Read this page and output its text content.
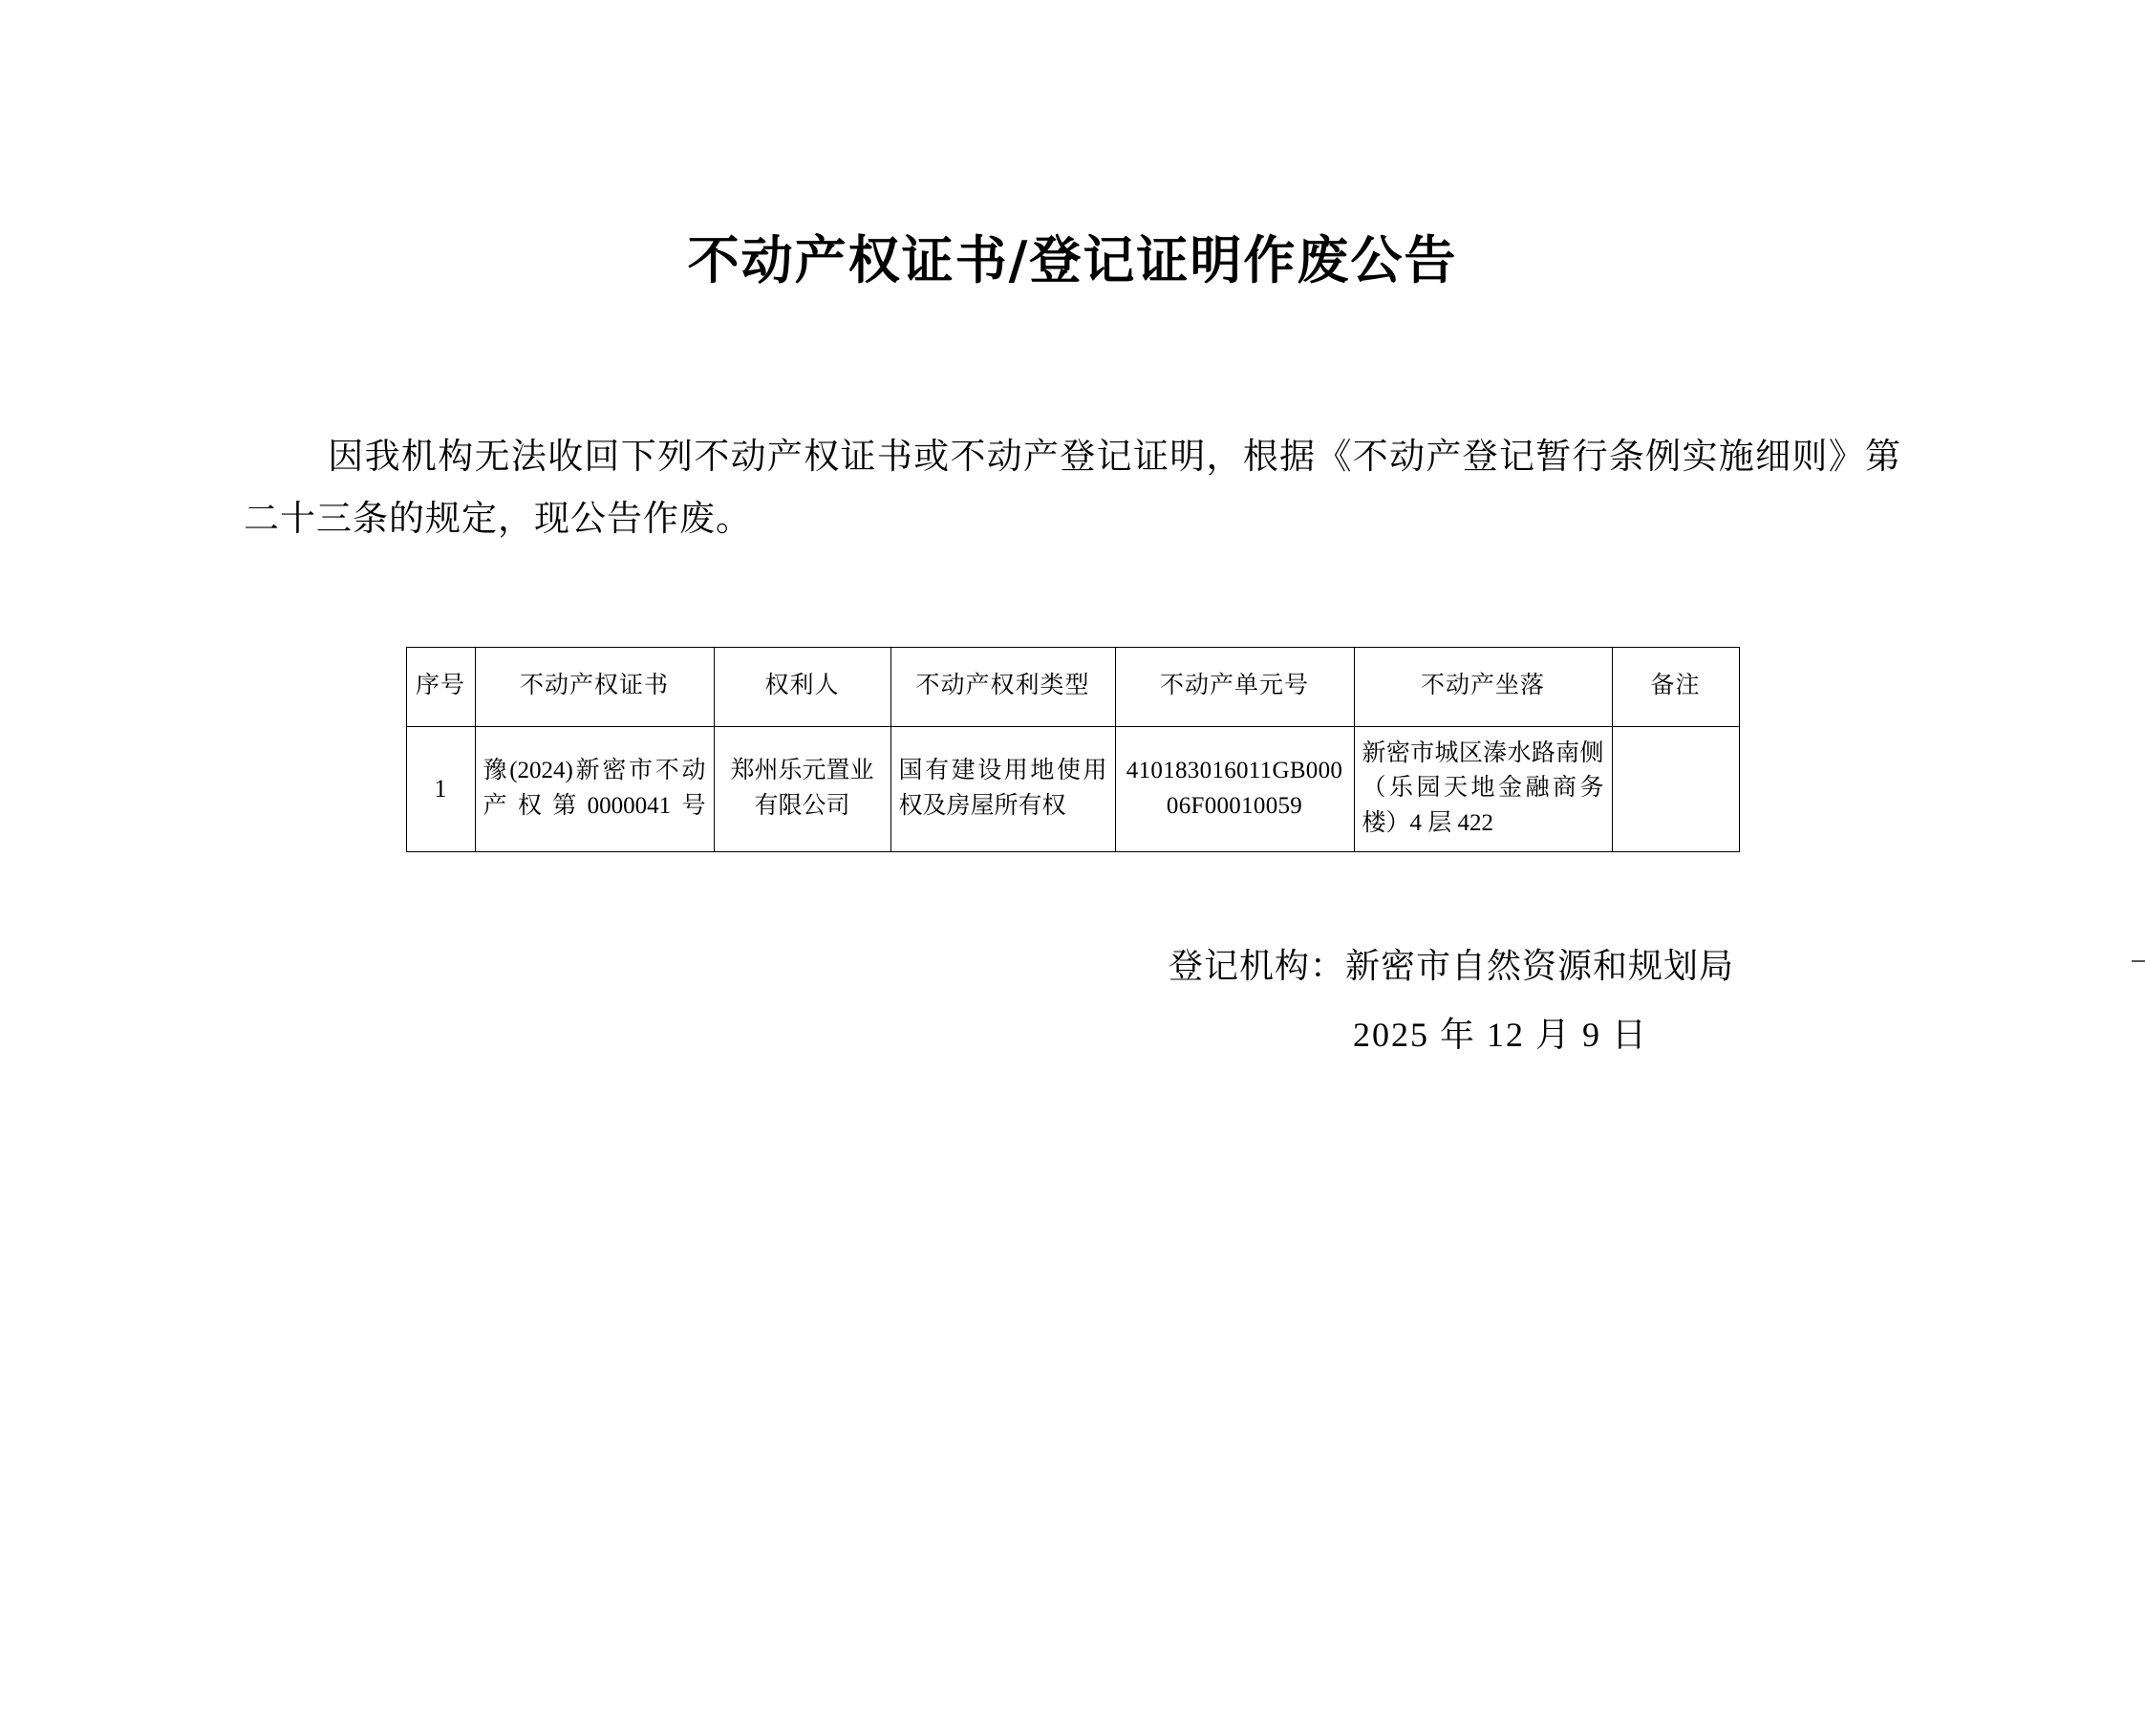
不动产权证书/登记证明作废公告
因我机构无法收回下列不动产权证书或不动产登记证明，根据《不动产登记暂行条例实施细则》第二十三条的规定，现公告作废。
序号	不动产权证书	权利人	不动产权利类型	不动产单元号	不动产坐落	备注
1	豫(2024)新密市不动产权第0000041号	郑州乐元置业有限公司	国有建设用地使用权及房屋所有权	410183016011GB00006F00010059	新密市城区溱水路南侧（乐园天地金融商务楼）4 层 422	
登记机构：新密市自然资源和规划局
2025 年 12 月 9 日
